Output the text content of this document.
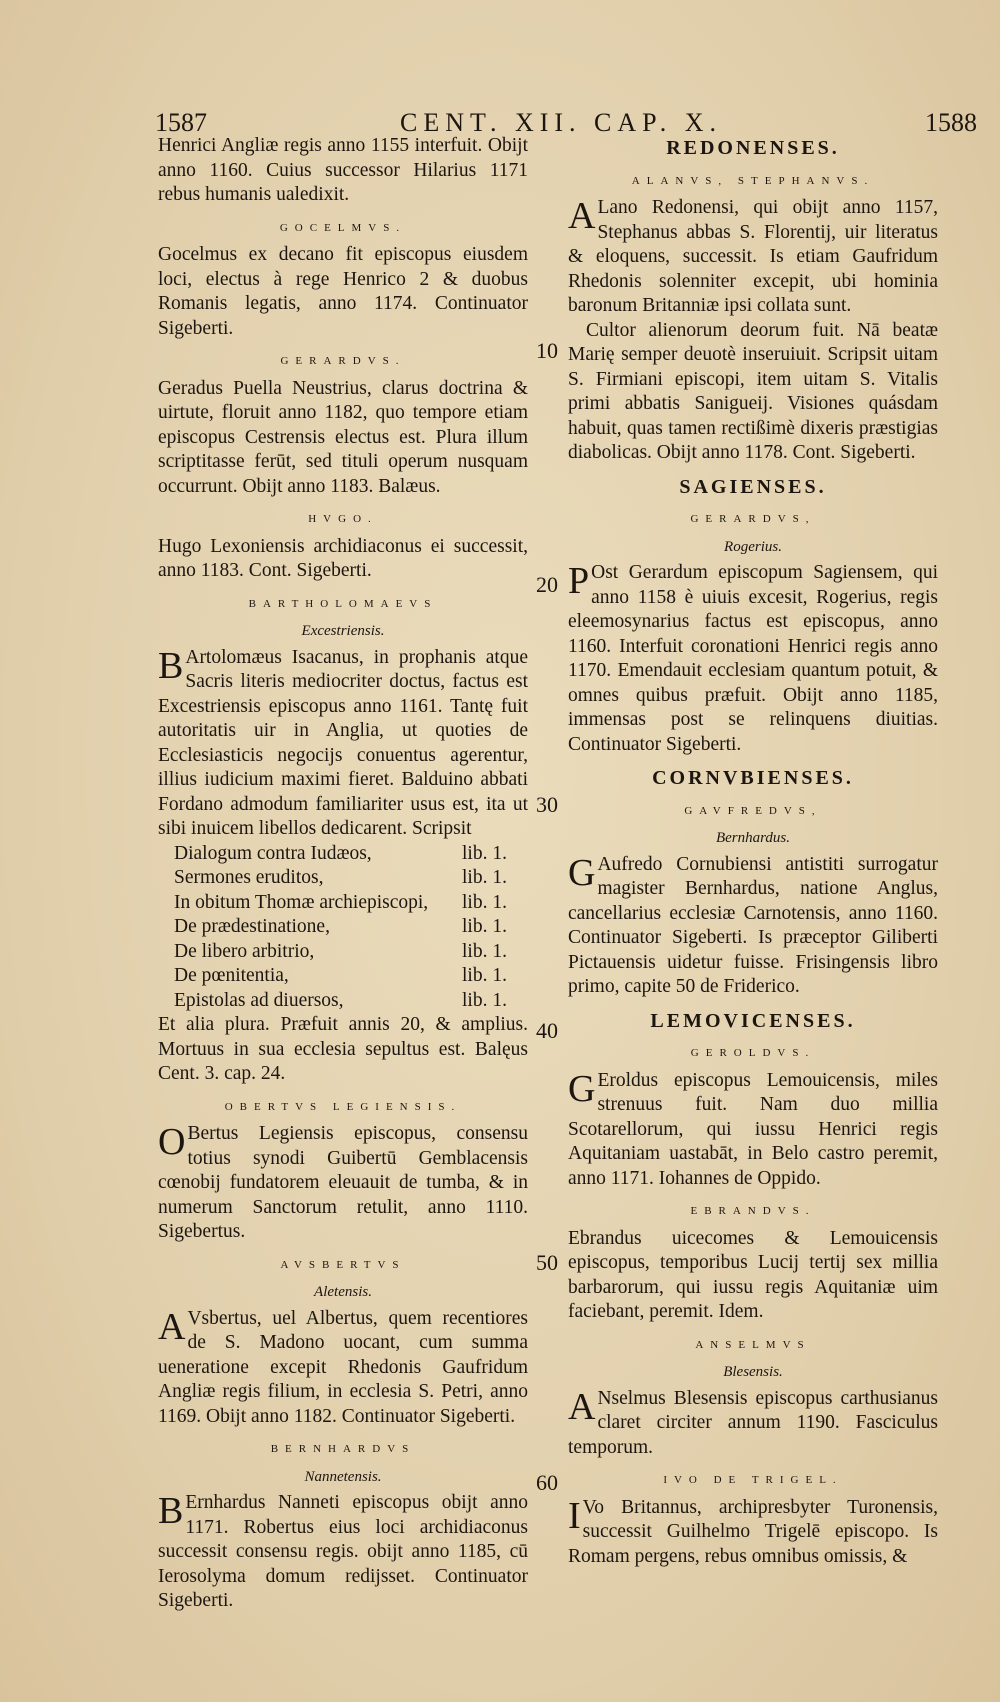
1587	CENT. XII. CAP. X.	1588
10
20
30
40
50
60

Henrici Angliæ regis anno 1155 interfuit. Obijt anno 1160. Cuius successor Hilarius 1171 rebus humanis ualedixit.

GOCELMVS.

Gocelmus ex decano fit episcopus eiusdem loci, electus à rege Henrico 2 & duobus Romanis legatis, anno 1174. Continuator Sigeberti.

GERARDVS.

Geradus Puella Neustrius, clarus doctrina & uirtute, floruit anno 1182, quo tempore etiam episcopus Cestrensis electus est. Plura illum scriptitasse ferūt, sed tituli operum nusquam occurrunt. Obijt anno 1183. Balæus.

HVGO.

Hugo Lexoniensis archidiaconus ei successit, anno 1183. Cont. Sigeberti.

BARTHOLOMAEVS
Excestriensis.

B Artolomæus Isacanus, in prophanis atque Sacris literis mediocriter doctus, factus est Excestriensis episcopus anno 1161. Tantę fuit autoritatis uir in Anglia, ut quoties de Ecclesiasticis negocijs conuentus agerentur, illius iudicium maximi fieret. Balduino abbati Fordano admodum familiariter usus est, ita ut sibi inuicem libellos dedicarent. Scripsit

Dialogum contra Iudæos,	lib. 1.
Sermones eruditos,	lib. 1.
In obitum Thomæ archiepiscopi, lib. 1.
De prædestinatione,	lib. 1.
De libero arbitrio,	lib. 1.
De pœnitentia,	lib. 1.
Epistolas ad diuersos,	lib. 1.

Et alia plura. Præfuit annis 20, & amplius. Mortuus in sua ecclesia sepultus est. Balęus Cent. 3. cap. 24.

OBERTVS LEGIENSIS.

O Bertus Legiensis episcopus, consensu totius synodi Guibertū Gemblacensis cœnobij fundatorem eleuauit de tumba, & in numerum Sanctorum retulit, anno 1110. Sigebertus.

AVSBERTVS
Aletensis.

A Vsbertus, uel Albertus, quem recentiores de S. Madono uocant, cum summa ueneratione excepit Rhedonis Gaufridum Angliæ regis filium, in ecclesia S. Petri, anno 1169. Obijt anno 1182. Continuator Sigeberti.

BERNHARDVS
Nannetensis.

B Ernhardus Nanneti episcopus obijt anno 1171. Robertus eius loci archidiaconus successit consensu regis. obijt anno 1185, cū Ierosolyma domum redijsset. Continuator Sigeberti.

REDONENSES.
ALANVS, STEPHANVS.

A Lano Redonensi, qui obijt anno 1157, Stephanus abbas S. Florentij, uir literatus & eloquens, successit. Is etiam Gaufridum Rhedonis solenniter excepit, ubi hominia baronum Britanniæ ipsi collata sunt.

Cultor alienorum deorum fuit. Nā beatæ Marię semper deuotè inseruiuit. Scripsit uitam S. Firmiani episcopi, item uitam S. Vitalis primi abbatis Sanigueij. Visiones quásdam habuit, quas tamen rectißimè dixeris præstigias diabolicas. Obijt anno 1178. Cont. Sigeberti.

SAGIENSES.
GERARDVS,
Rogerius.

P Ost Gerardum episcopum Sagiensem, qui anno 1158 è uiuis excesit, Rogerius, regis eleemosynarius factus est episcopus, anno 1160. Interfuit coronationi Henrici regis anno 1170. Emendauit ecclesiam quantum potuit, & omnes quibus præfuit. Obijt anno 1185, immensas post se relinquens diuitias. Continuator Sigeberti.

CORNVBIENSES.
GAVFREDVS,
Bernhardus.

G Aufredo Cornubiensi antistiti surrogatur magister Bernhardus, natione Anglus, cancellarius ecclesiæ Carnotensis, anno 1160. Continuator Sigeberti. Is præceptor Giliberti Pictauensis uidetur fuisse. Frisingensis libro primo, capite 50 de Friderico.

LEMOVICENSES.
GEROLDVS.

G Eroldus episcopus Lemouicensis, miles strenuus fuit. Nam duo millia Scotarellorum, qui iussu Henrici regis Aquitaniam uastabāt, in Belo castro peremit, anno 1171. Iohannes de Oppido.

EBRANDVS.

Ebrandus uicecomes & Lemouicensis episcopus, temporibus Lucij tertij sex millia barbarorum, qui iussu regis Aquitaniæ uim faciebant, peremit. Idem.

ANSELMVS
Blesensis.

A Nselmus Blesensis episcopus carthusianus claret circiter annum 1190. Fasciculus temporum.

IVO DE TRIGEL.

I Vo Britannus, archipresbyter Turonensis, successit Guilhelmo Trigelē episcopo. Is Romam pergens, rebus omnibus omissis, &
